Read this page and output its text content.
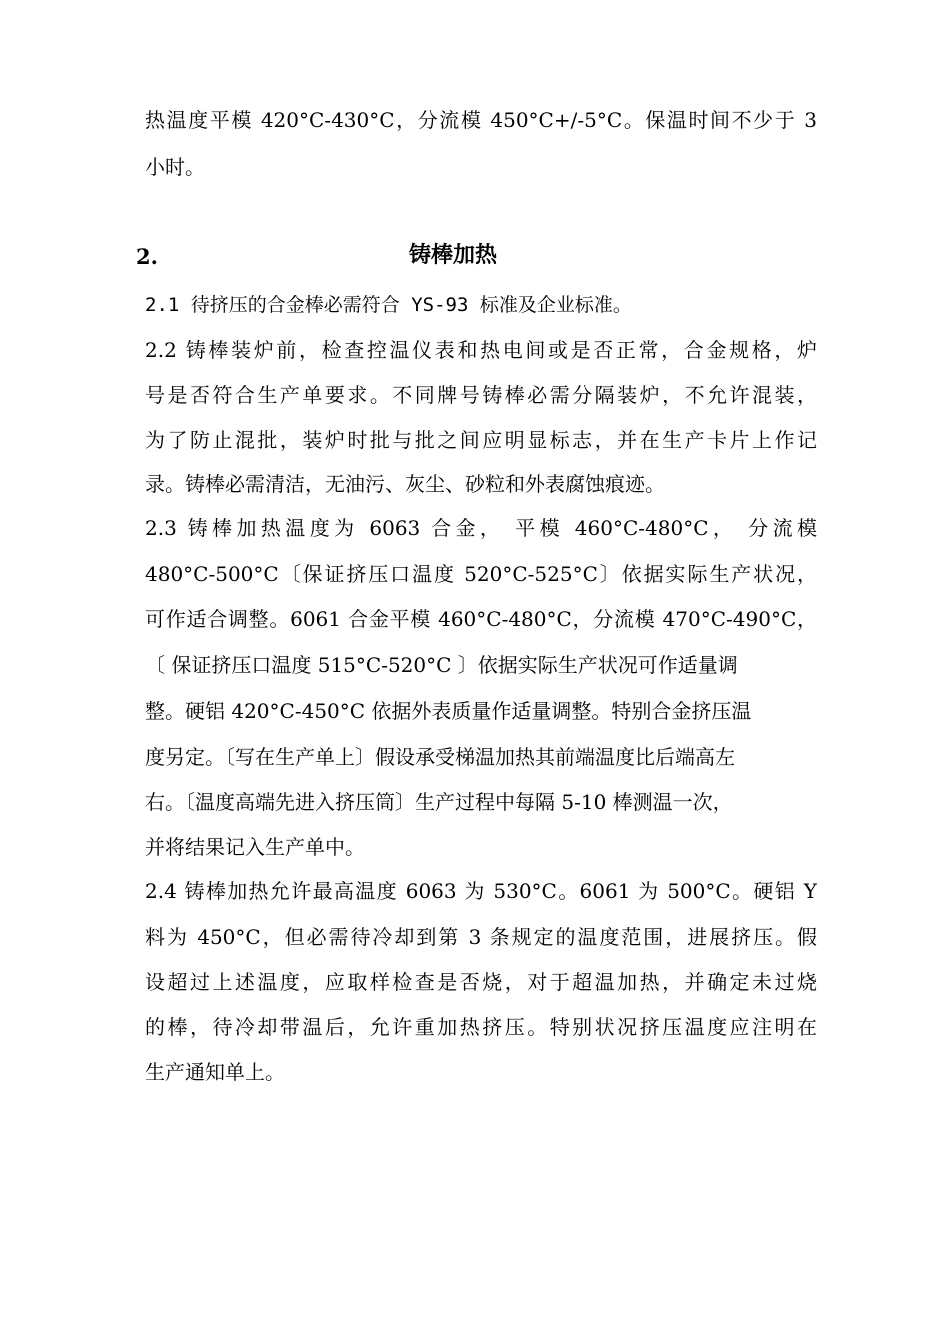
热温度平模 420°C-430°C，分流模 450°C+/-5°C。保温时间不少于 3
小时。
2.	铸棒加热
2.1 待挤压的合金棒必需符合 YS-93 标准及企业标准。
2.2 铸棒装炉前，检查控温仪表和热电间或是否正常，合金规格，炉
号是否符合生产单要求。不同牌号铸棒必需分隔装炉，不允许混装，
为了防止混批，装炉时批与批之间应明显标志，并在生产卡片上作记
录。铸棒必需清洁，无油污、灰尘、砂粒和外表腐蚀痕迹。
2.3 铸棒加热温度为 6063 合金， 平模 460°C-480°C， 分流模
480°C-500°C〔保证挤压口温度 520°C-525°C〕依据实际生产状况，
可作适合调整。6061 合金平模 460°C-480°C，分流模 470°C-490°C，
〔 保证挤压口温度 515°C-520°C 〕依据实际生产状况可作适量调
整。硬铝 420°C-450°C 依据外表质量作适量调整。特别合金挤压温
度另定。〔写在生产单上〕假设承受梯温加热其前端温度比后端高左
右。〔温度高端先进入挤压筒〕生产过程中每隔 5-10 棒测温一次，
并将结果记入生产单中。
2.4 铸棒加热允许最高温度 6063 为 530°C。6061 为 500°C。硬铝 Y
料为 450°C，但必需待冷却到第 3 条规定的温度范围，进展挤压。假
设超过上述温度，应取样检查是否烧，对于超温加热，并确定未过烧
的棒，待冷却带温后，允许重加热挤压。特别状况挤压温度应注明在
生产通知单上。
